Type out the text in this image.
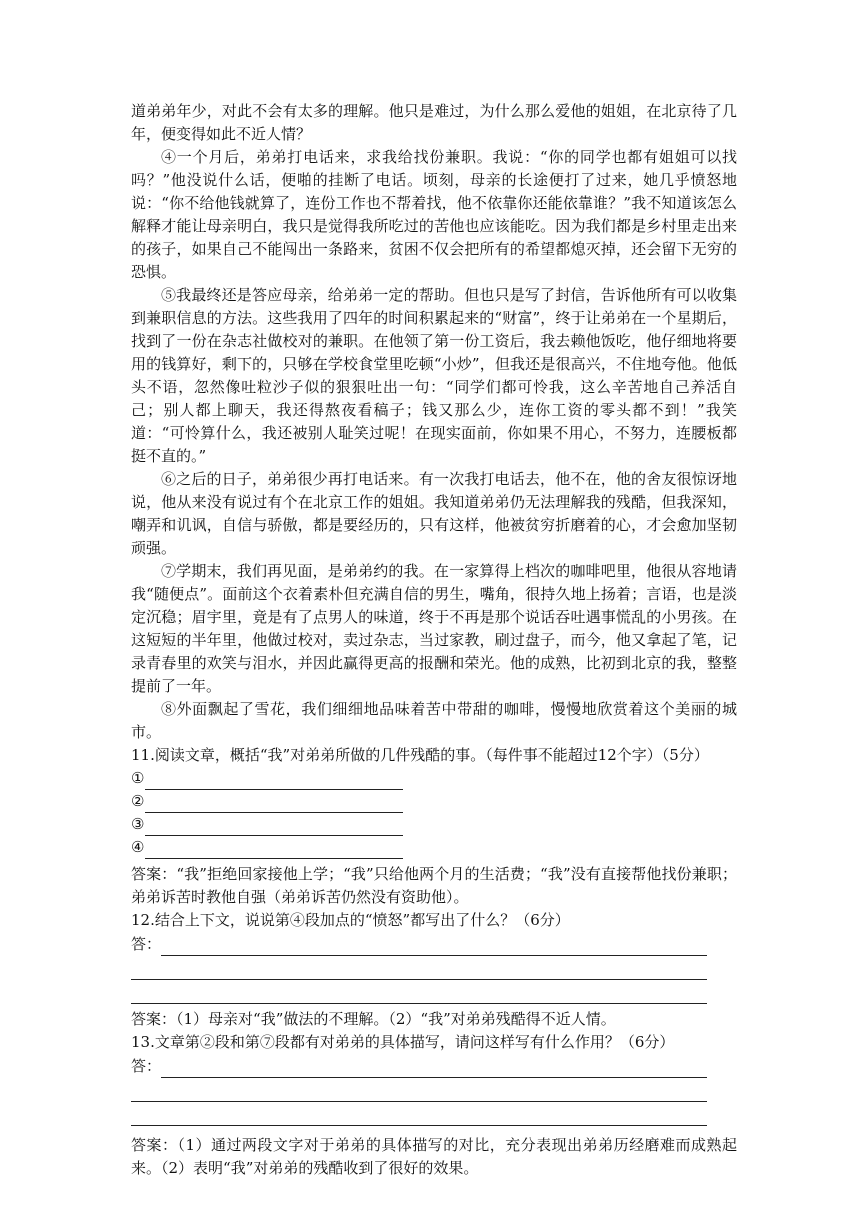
道弟弟年少，对此不会有太多的理解。他只是难过，为什么那么爱他的姐姐，在北京待了几年，便变得如此不近人情？

④一个月后，弟弟打电话来，求我给找份兼职。我说：“你的同学也都有姐姐可以找吗？”他没说什么话，便啪的挂断了电话。顷刻，母亲的长途便打了过来，她几乎愤怒地说：“你不给他钱就算了，连份工作也不帮着找，他不依靠你还能依靠谁？”我不知道该怎么解释才能让母亲明白，我只是觉得我所吃过的苦他也应该能吃。因为我们都是乡村里走出来的孩子，如果自己不能闯出一条路来，贫困不仅会把所有的希望都熄灭掉，还会留下无穷的恐惧。

⑤我最终还是答应母亲，给弟弟一定的帮助。但也只是写了封信，告诉他所有可以收集到兼职信息的方法。这些我用了四年的时间积累起来的“财富”，终于让弟弟在一个星期后，找到了一份在杂志社做校对的兼职。在他领了第一份工资后，我去赖他饭吃，他仔细地将要用的钱算好，剩下的，只够在学校食堂里吃顿“小炒”，但我还是很高兴，不住地夸他。他低头不语，忽然像吐粒沙子似的狠狠吐出一句：“同学们都可怜我，这么辛苦地自己养活自己；别人都上聊天，我还得熬夜看稿子；钱又那么少，连你工资的零头都不到！”我笑道：“可怜算什么，我还被别人耻笑过呢！在现实面前，你如果不用心，不努力，连腰板都挺不直的。”

⑥之后的日子，弟弟很少再打电话来。有一次我打电话去，他不在，他的舍友很惊讶地说，他从来没有说过有个在北京工作的姐姐。我知道弟弟仍无法理解我的残酷，但我深知，嘲弄和讥讽，自信与骄傲，都是要经历的，只有这样，他被贫穷折磨着的心，才会愈加坚韧顽强。

⑦学期末，我们再见面，是弟弟约的我。在一家算得上档次的咖啡吧里，他很从容地请我“随便点”。面前这个衣着素朴但充满自信的男生，嘴角，很持久地上扬着；言语，也是淡定沉稳；眉宇里，竟是有了点男人的味道，终于不再是那个说话吞吐遇事慌乱的小男孩。在这短短的半年里，他做过校对，卖过杂志，当过家教，刷过盘子，而今，他又拿起了笔，记录青春里的欢笑与泪水，并因此赢得更高的报酬和荣光。他的成熟，比初到北京的我，整整提前了一年。

⑧外面飘起了雪花，我们细细地品味着苦中带甜的咖啡，慢慢地欣赏着这个美丽的城市。

11.阅读文章，概括“我”对弟弟所做的几件残酷的事。（每件事不能超过12个字）（5分）

①
②
③
④

答案：“我”拒绝回家接他上学；“我”只给他两个月的生活费；“我”没有直接帮他找份兼职；弟弟诉苦时教他自强（弟弟诉苦仍然没有资助他）。

12.结合上下文，说说第④段加点的“愤怒”都写出了什么？（6分）

答：

答案：（1）母亲对“我”做法的不理解。（2）“我”对弟弟残酷得不近人情。

13.文章第②段和第⑦段都有对弟弟的具体描写，请问这样写有什么作用？（6分）

答：

答案：（1）通过两段文字对于弟弟的具体描写的对比，充分表现出弟弟历经磨难而成熟起来。（2）表明“我”对弟弟的残酷收到了很好的效果。
